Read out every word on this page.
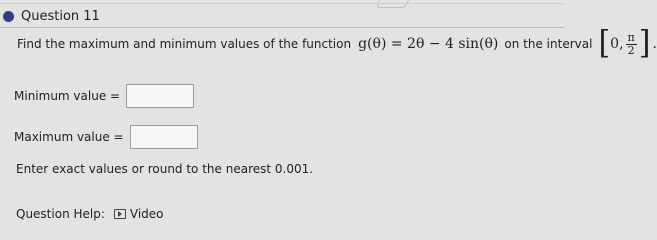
Question 11
Find the maximum and minimum values of the function g(θ) = 2θ − 4 sin(θ) on the interval [ 0, $\frac{\pi}{2}$ ] .
Minimum value =
Maximum value =
Enter exact values or round to the nearest 0.001.
Question Help: Video
